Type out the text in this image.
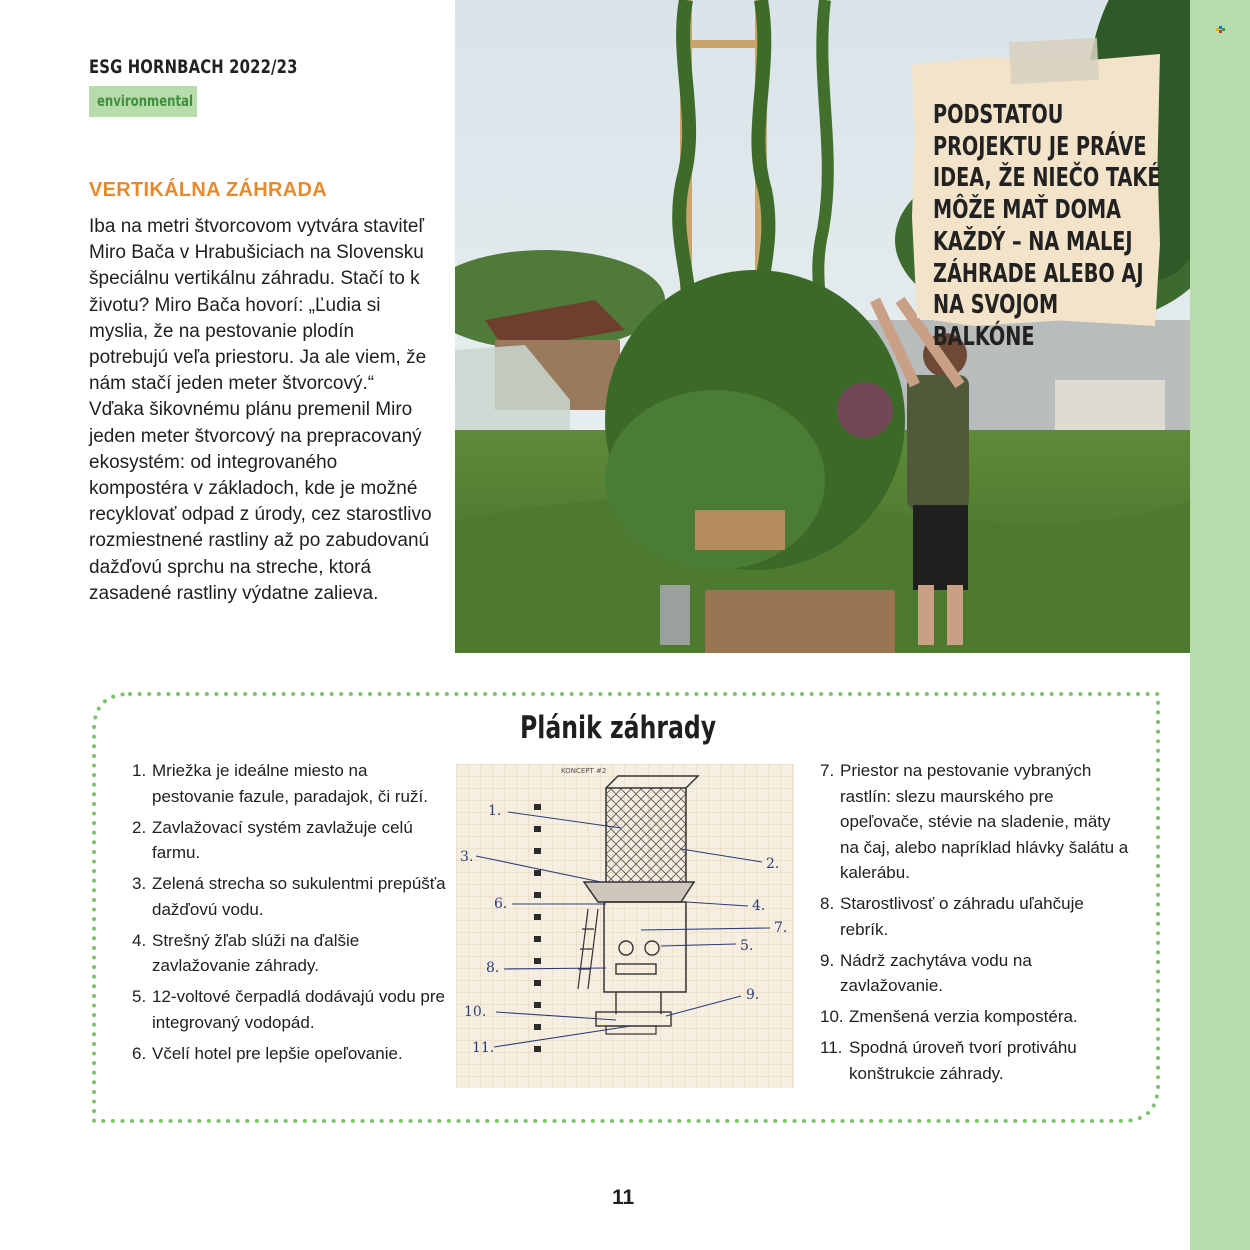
ESG HORNBACH 2022/23
environmental
VERTIKÁLNA ZÁHRADA

Iba na metri štvorcovom vytvára staviteľ Miro Bača v Hrabušiciach na Slovensku špeciálnu vertikálnu záhradu. Stačí to k životu? Miro Bača hovorí: „Ľudia si myslia, že na pestovanie plodín potrebujú veľa priestoru. Ja ale viem, že nám stačí jeden meter štvorcový.“ Vďaka šikovnému plánu premenil Miro jeden meter štvorcový na prepracovaný ekosystém: od integrovaného kompostéra v základoch, kde je možné recyklovať odpad z úrody, cez starostlivo rozmiestnené rastliny až po zabudovanú dažďovú sprchu na streche, ktorá zasadené rastliny výdatne zalieva.

PODSTATOU PROJEKTU JE PRÁVE IDEA, ŽE NIEČO TAKÉ MÔŽE MAŤ DOMA KAŽDÝ – NA MALEJ ZÁHRADE ALEBO AJ NA SVOJOM BALKÓNE

Plánik záhrady
1. Mriežka je ideálne miesto na pestovanie fazule, paradajok, či ruží.
2. Zavlažovací systém zavlažuje celú farmu.
3. Zelená strecha so sukulentmi prepúšťa dažďovú vodu.
4. Strešný žľab slúži na ďalšie zavlažovanie záhrady.
5. 12-voltové čerpadlá dodávajú vodu pre integrovaný vodopád.
6. Včelí hotel pre lepšie opeľovanie.
7. Priestor na pestovanie vybraných rastlín: slezu maurského pre opeľovače, stévie na sladenie, mäty na čaj, alebo napríklad hlávky šalátu a kalerábu.
8. Starostlivosť o záhradu uľahčuje rebrík.
9. Nádrž zachytáva vodu na zavlažovanie.
10. Zmenšená verzia kompostéra.
11. Spodná úroveň tvorí protiváhu konštrukcie záhrady.
KONCEPT #2
1.
2.
3.
4.
5.
6.
7.
8.
9.
10.
11.
11
